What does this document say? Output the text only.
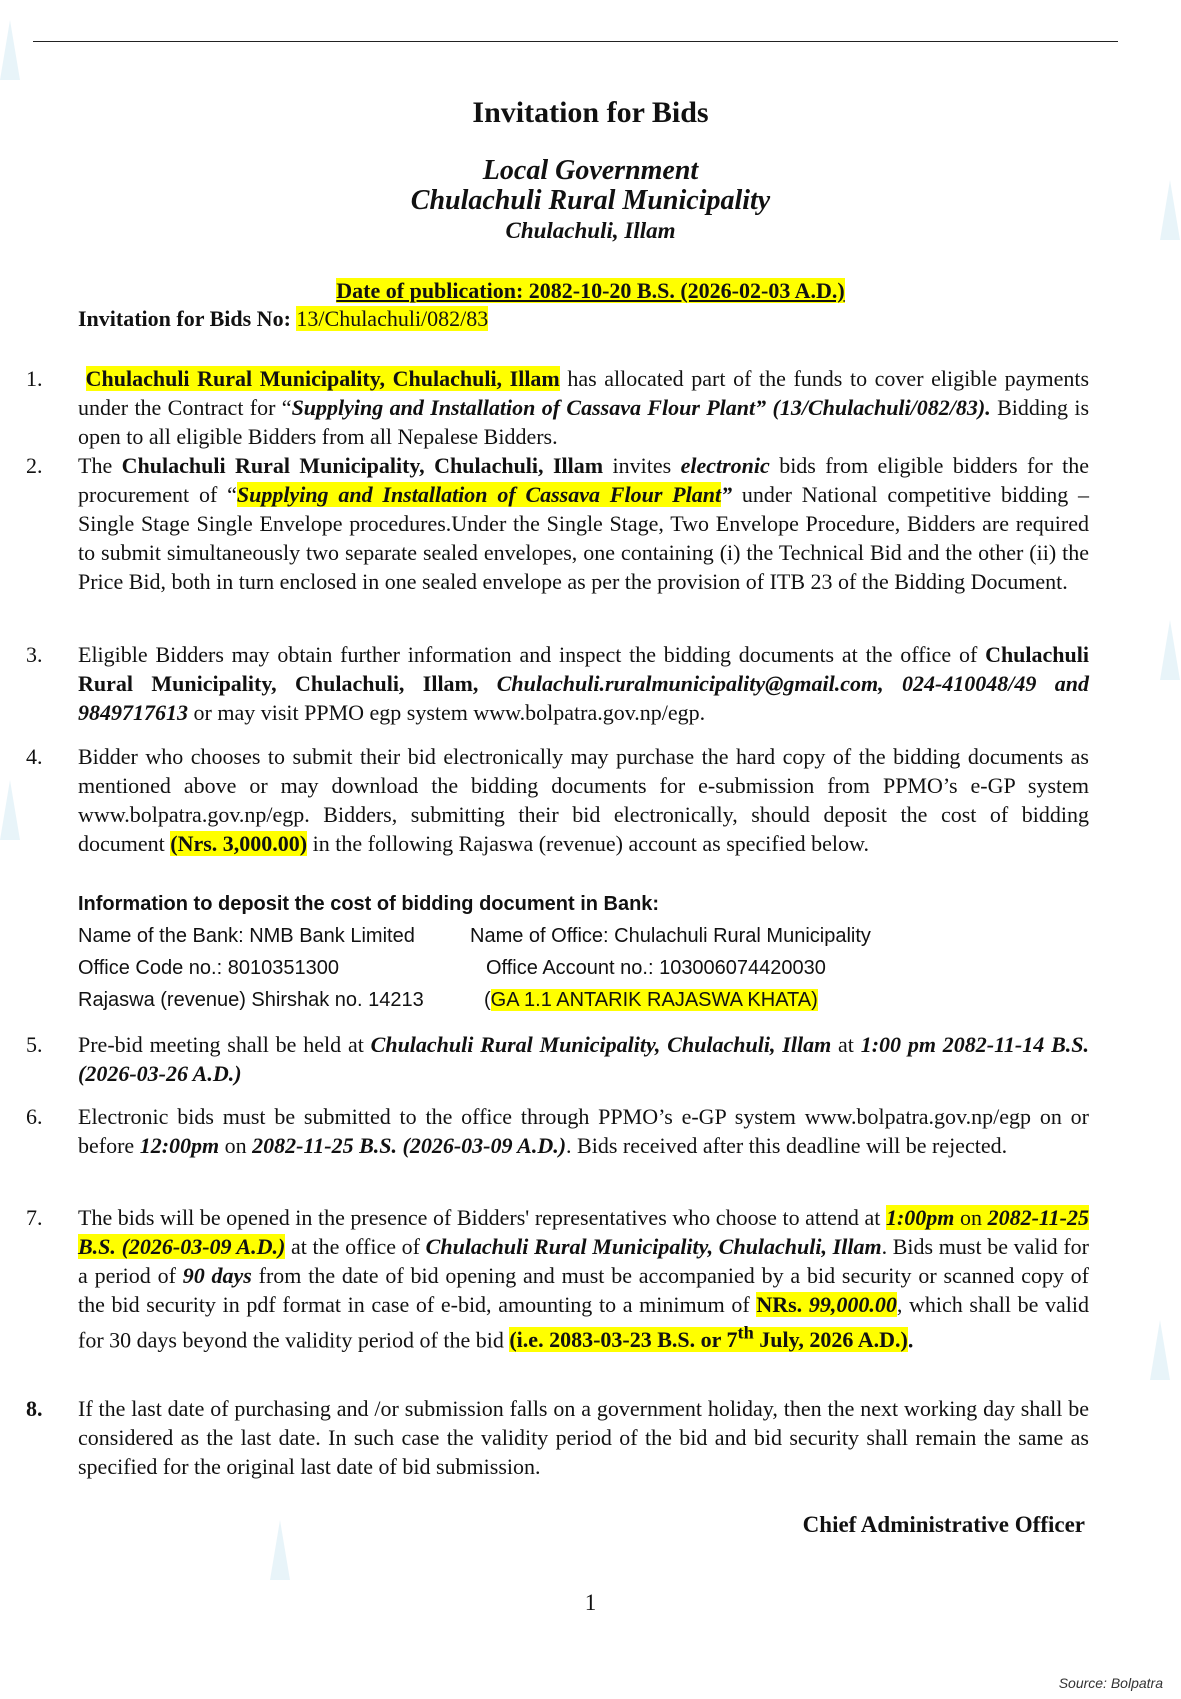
Invitation for Bids
Local Government
Chulachuli Rural Municipality
Chulachuli, Illam
Date of publication: 2082-10-20 B.S. (2026-02-03 A.D.)
Invitation for Bids No: 13/Chulachuli/082/83
1.	Chulachuli Rural Municipality, Chulachuli, Illam has allocated part of the funds to cover eligible payments under the Contract for “Supplying and Installation of Cassava Flour Plant” (13/Chulachuli/082/83). Bidding is open to all eligible Bidders from all Nepalese Bidders.

2.	The Chulachuli Rural Municipality, Chulachuli, Illam invites electronic bids from eligible bidders for the procurement of “Supplying and Installation of Cassava Flour Plant” under National competitive bidding – Single Stage Single Envelope procedures.Under the Single Stage, Two Envelope Procedure, Bidders are required to submit simultaneously two separate sealed envelopes, one containing (i) the Technical Bid and the other (ii) the Price Bid, both in turn enclosed in one sealed envelope as per the provision of ITB 23 of the Bidding Document.

3.	Eligible Bidders may obtain further information and inspect the bidding documents at the office of Chulachuli Rural Municipality, Chulachuli, Illam, Chulachuli.ruralmunicipality@gmail.com, 024-410048/49 and 9849717613 or may visit PPMO egp system www.bolpatra.gov.np/egp.

4.	Bidder who chooses to submit their bid electronically may purchase the hard copy of the bidding documents as mentioned above or may download the bidding documents for e-submission from PPMO’s e-GP system www.bolpatra.gov.np/egp. Bidders, submitting their bid electronically, should deposit the cost of bidding document (Nrs. 3,000.00) in the following Rajaswa (revenue) account as specified below.

Information to deposit the cost of bidding document in Bank:
Name of the Bank: NMB Bank Limited	Name of Office: Chulachuli Rural Municipality
Office Code no.: 8010351300	Office Account no.: 103006074420030
Rajaswa (revenue) Shirshak no. 14213	(GA 1.1 ANTARIK RAJASWA KHATA)
5.	Pre-bid meeting shall be held at Chulachuli Rural Municipality, Chulachuli, Illam at 1:00 pm 2082-11-14 B.S. (2026-03-26 A.D.)

6.	Electronic bids must be submitted to the office through PPMO’s e-GP system www.bolpatra.gov.np/egp on or before 12:00pm on 2082-11-25 B.S. (2026-03-09 A.D.). Bids received after this deadline will be rejected.

7.	The bids will be opened in the presence of Bidders' representatives who choose to attend at 1:00pm on 2082-11-25 B.S. (2026-03-09 A.D.) at the office of Chulachuli Rural Municipality, Chulachuli, Illam. Bids must be valid for a period of 90 days from the date of bid opening and must be accompanied by a bid security or scanned copy of the bid security in pdf format in case of e-bid, amounting to a minimum of NRs. 99,000.00, which shall be valid for 30 days beyond the validity period of the bid (i.e. 2083-03-23 B.S. or 7th July, 2026 A.D.).

8.	If the last date of purchasing and /or submission falls on a government holiday, then the next working day shall be considered as the last date. In such case the validity period of the bid and bid security shall remain the same as specified for the original last date of bid submission.

Chief Administrative Officer
1
Source: Bolpatra
